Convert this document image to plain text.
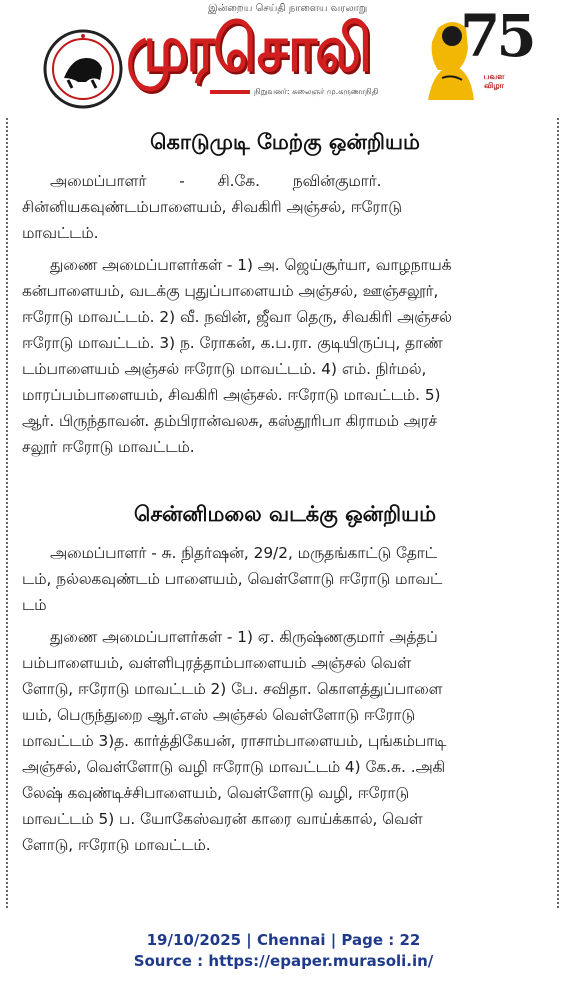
இன்றைய செய்தி நாளைய வரலாறு
முரசொலி
நிறுவனர்: கலைஞர் மு.கருணாநிதி
75
பவள விழா
கொடுமுடி மேற்கு ஒன்றியம்
அமைப்பாளர் - சி.கே. நவின்குமார்.
சின்னியகவுண்டம்பாளையம், சிவகிரி அஞ்சல், ஈரோடு
மாவட்டம்.
துணை அமைப்பாளர்கள் - 1) அ. ஜெய்சூர்யா, வாழநாயக்
கன்பாளையம், வடக்கு புதுப்பாளையம் அஞ்சல், ஊஞ்சலூர்,
ஈரோடு மாவட்டம். 2) வீ. நவின், ஜீவா தெரு, சிவகிரி அஞ்சல்
ஈரோடு மாவட்டம். 3) ந. ரோகன், க.ப.ரா. குடியிருப்பு, தாண்
டம்பாளையம் அஞ்சல் ஈரோடு மாவட்டம். 4) எம். நிர்மல்,
மாரப்பம்பாளையம், சிவகிரி அஞ்சல். ஈரோடு மாவட்டம். 5)
ஆர். பிருந்தாவன். தம்பிரான்வலசு, கஸ்தூரிபா கிராமம் அரச்
சலூர் ஈரோடு மாவட்டம்.
சென்னிமலை வடக்கு ஒன்றியம்
அமைப்பாளர் - சு. நிதர்ஷன், 29/2, மருதங்காட்டு தோட்
டம், நல்லகவுண்டம் பாளையம், வெள்ளோடு ஈரோடு மாவட்
டம்
துணை அமைப்பாளர்கள் - 1) ஏ. கிருஷ்ணகுமார் அத்தப்
பம்பாளையம், வள்ளிபுரத்தாம்பாளையம் அஞ்சல் வெள்
ளோடு, ஈரோடு மாவட்டம் 2) பே. சவிதா. கொளத்துப்பாளை
யம், பெருந்துறை ஆர்.எஸ் அஞ்சல் வெள்ளோடு ஈரோடு
மாவட்டம் 3)த. கார்த்திகேயன், ராசாம்பாளையம், புங்கம்பாடி
அஞ்சல், வெள்ளோடு வழி ஈரோடு மாவட்டம் 4) கே.சு. .அகி
லேஷ் கவுண்டிச்சிபாளையம், வெள்ளோடு வழி, ஈரோடு
மாவட்டம் 5) ப. யோகேஸ்வரன் காரை வாய்க்கால், வெள்
ளோடு, ஈரோடு மாவட்டம்.
19/10/2025 | Chennai | Page : 22
Source : https://epaper.murasoli.in/
